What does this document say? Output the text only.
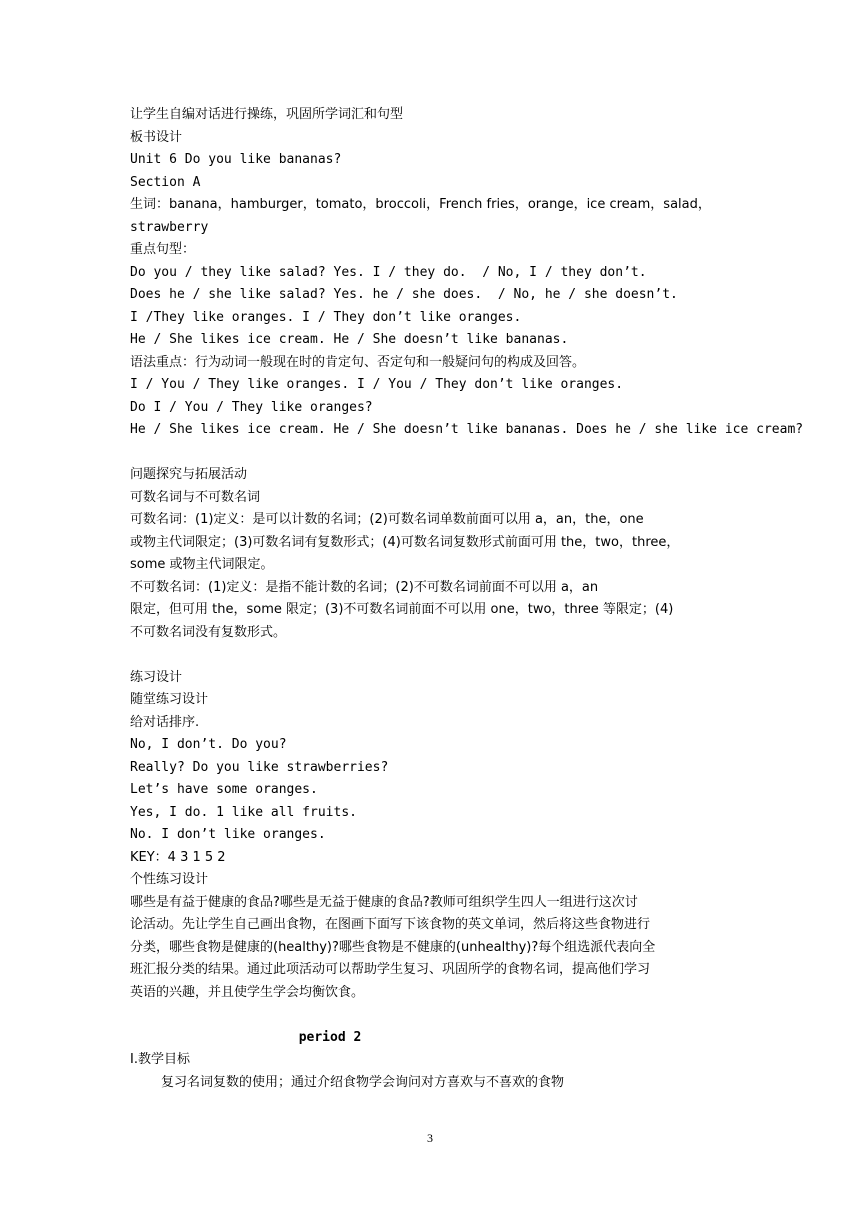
让学生自编对话进行操练，巩固所学词汇和句型
板书设计
Unit 6 Do you like bananas?
Section A
生词：banana，hamburger，tomato，broccoli，French fries，orange，ice cream，salad，
strawberry
重点句型：
Do you / they like salad? Yes. I / they do.  / No, I / they don’t.
Does he / she like salad? Yes. he / she does.  / No, he / she doesn’t.
I /They like oranges. I / They don’t like oranges.
He / She likes ice cream. He / She doesn’t like bananas.
语法重点：行为动词一般现在时的肯定句、否定句和一般疑问句的构成及回答。
I / You / They like oranges. I / You / They don’t like oranges.
Do I / You / They like oranges?
He / She likes ice cream. He / She doesn’t like bananas. Does he / she like ice cream?
问题探究与拓展活动
可数名词与不可数名词
可数名词：(1)定义：是可以计数的名词；(2)可数名词单数前面可以用 a，an，the，one
或物主代词限定；(3)可数名词有复数形式；(4)可数名词复数形式前面可用 the，two，three，
some 或物主代词限定。
不可数名词：(1)定义：是指不能计数的名词；(2)不可数名词前面不可以用 a，an
限定，但可用 the，some 限定；(3)不可数名词前面不可以用 one，two，three 等限定；(4)
不可数名词没有复数形式。
练习设计
随堂练习设计
给对话排序.
No, I don’t. Do you?
Really? Do you like strawberries?
Let’s have some oranges.
Yes, I do. 1 like all fruits.
No. I don’t like oranges.
KEY：4 3 1 5 2
个性练习设计
哪些是有益于健康的食品?哪些是无益于健康的食品?教师可组织学生四人一组进行这次讨
论活动。先让学生自己画出食物，在图画下面写下该食物的英文单词，然后将这些食物进行
分类，哪些食物是健康的(healthy)?哪些食物是不健康的(unhealthy)?每个组选派代表向全
班汇报分类的结果。通过此项活动可以帮助学生复习、巩固所学的食物名词，提高他们学习
英语的兴趣，并且使学生学会均衡饮食。
period 2
I.教学目标
复习名词复数的使用；通过介绍食物学会询问对方喜欢与不喜欢的食物
3
